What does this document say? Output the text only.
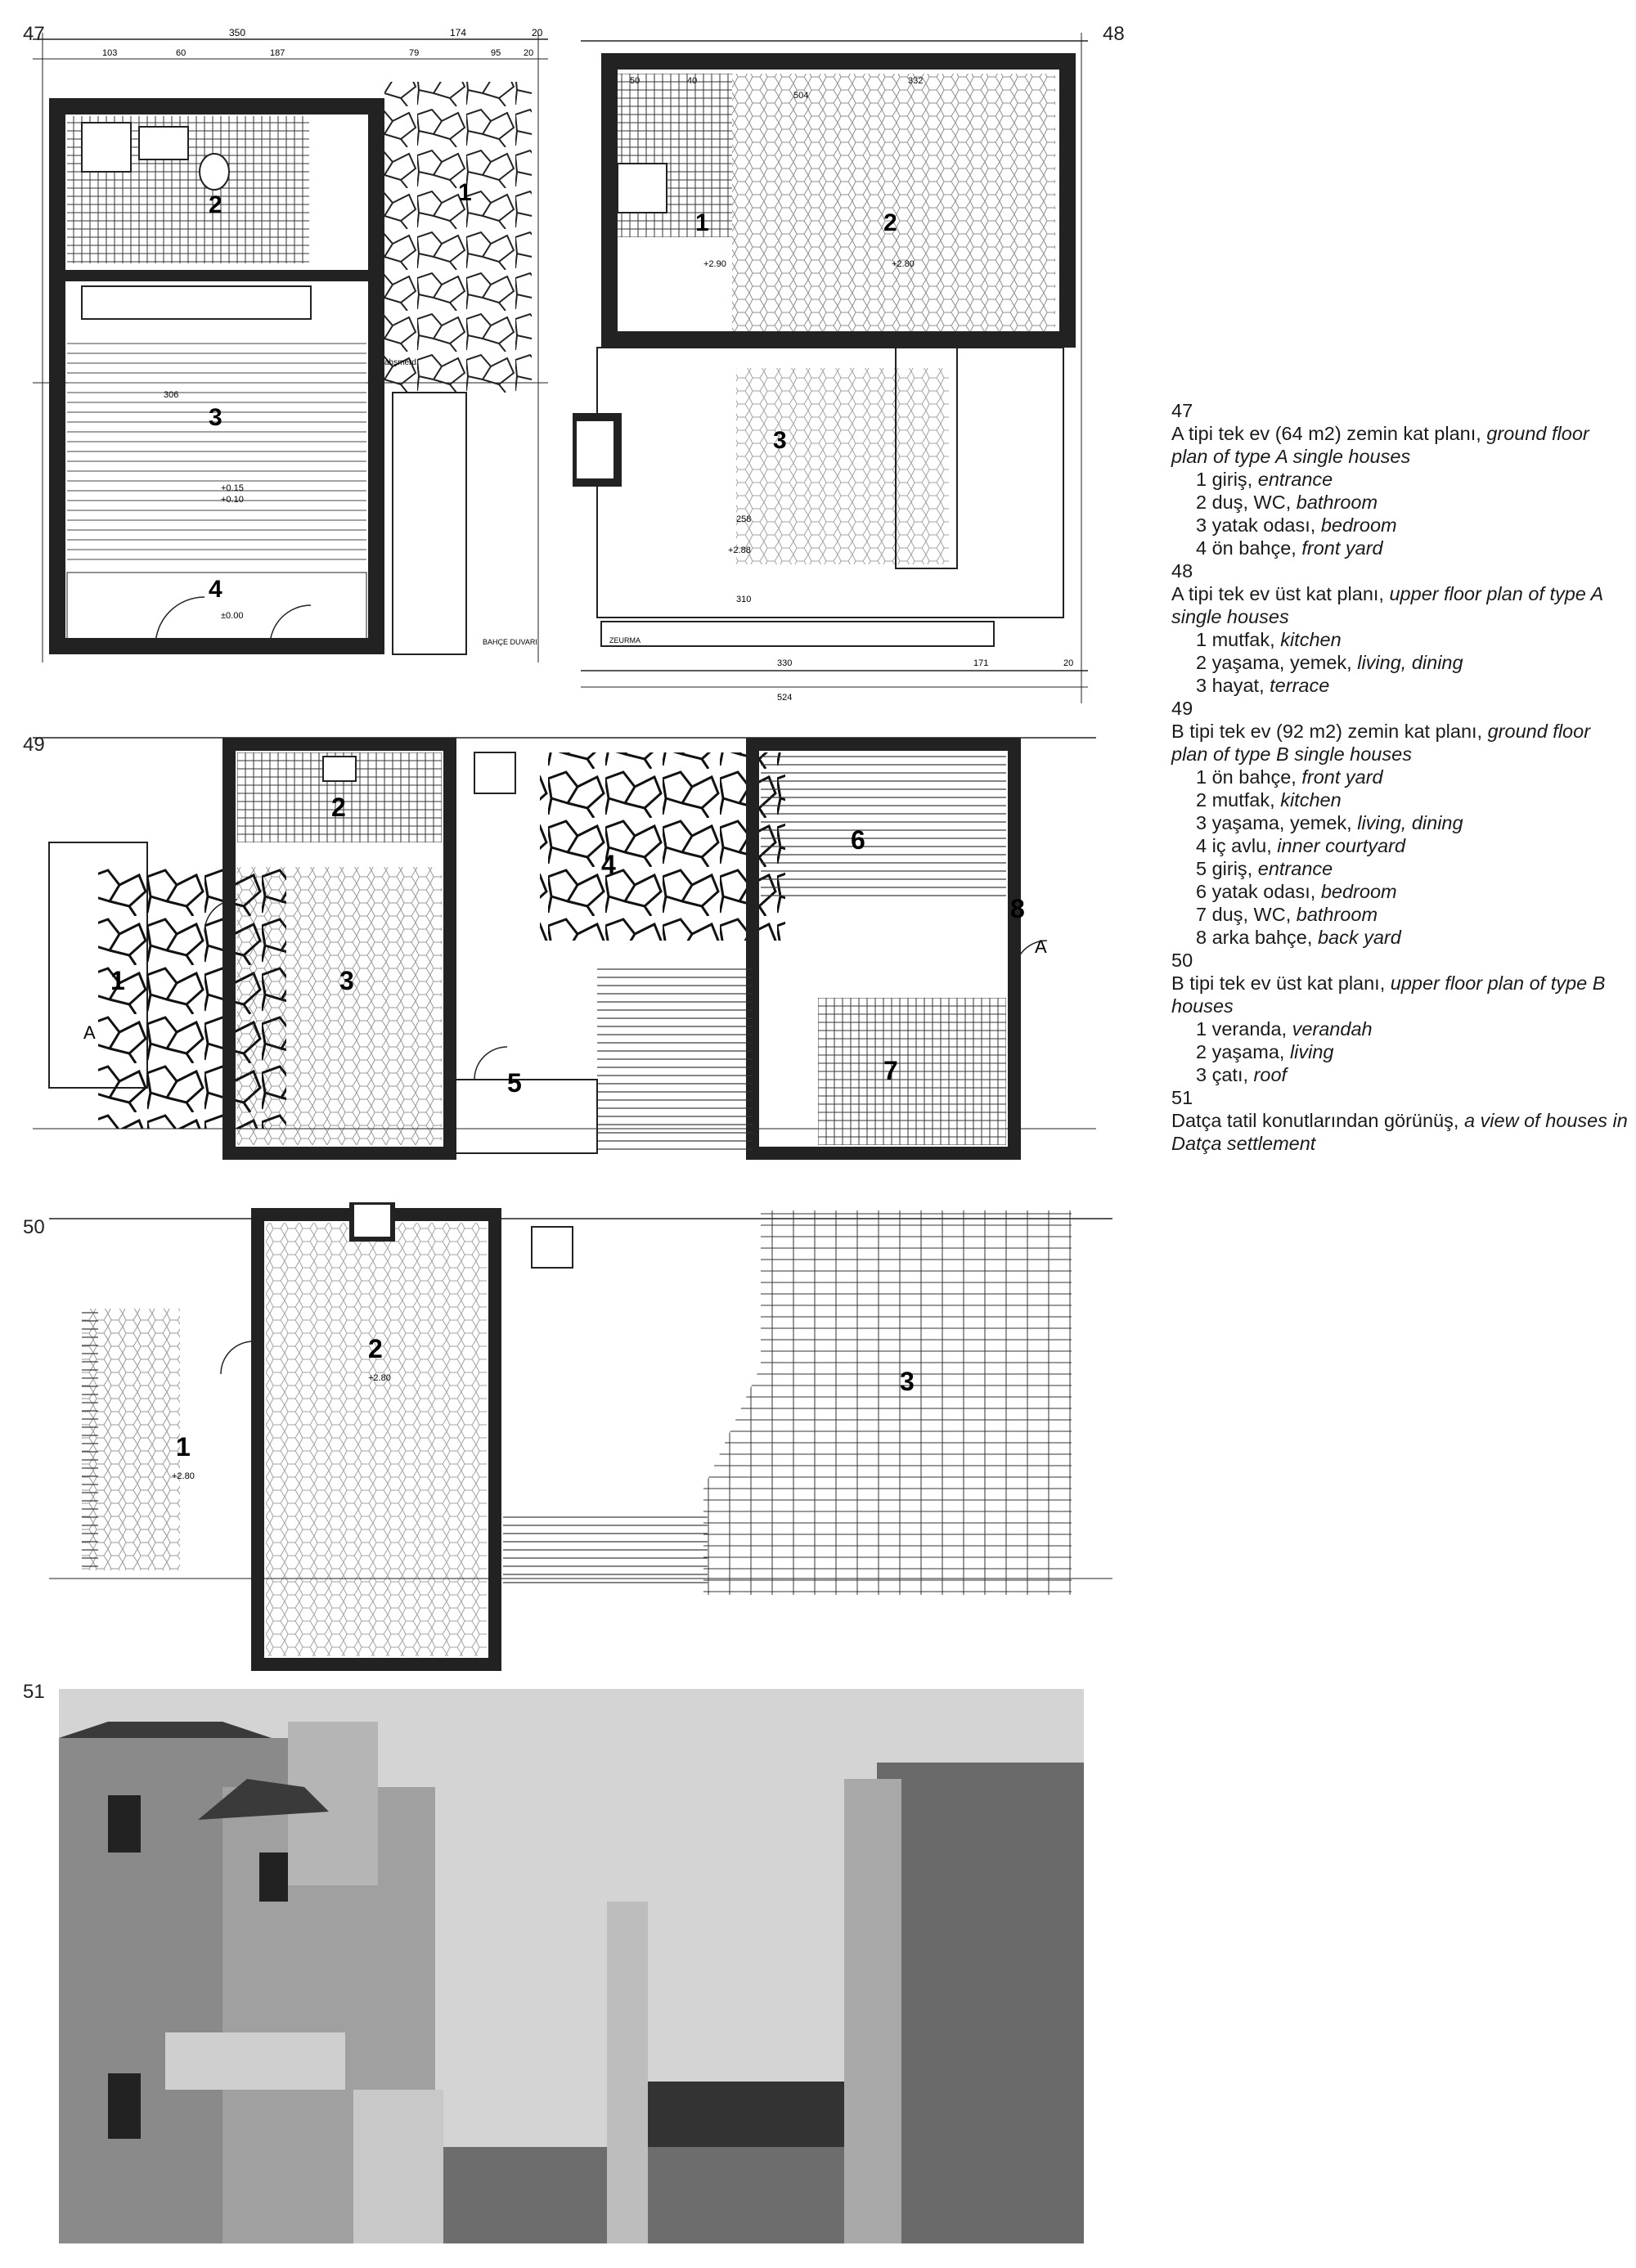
47	48
49
50
51
350	174	20
103	60	187	79	95	20
2	1
3
4
+0.15
+0.10
±0.00
ahşmerd.
BAHÇE DUVARI
306
196
330	171
524
20
1	2
3
+2.90	+2.80
+2.88
258
310
ZEURMA
1
2
3
4
5
6
7
8
A
A
1
2
3
+2.80
+2.80
47
A tipi tek ev (64 m2) zemin kat planı, ground floor plan of type A single houses
1 giriş, entrance
2 duş, WC, bathroom
3 yatak odası, bedroom
4 ön bahçe, front yard
48
A tipi tek ev üst kat planı, upper floor plan of type A single houses
1 mutfak, kitchen
2 yaşama, yemek, living, dining
3 hayat, terrace
49
B tipi tek ev (92 m2) zemin kat planı, ground floor plan of type B single houses
1 ön bahçe, front yard
2 mutfak, kitchen
3 yaşama, yemek, living, dining
4 iç avlu, inner courtyard
5 giriş, entrance
6 yatak odası, bedroom
7 duş, WC, bathroom
8 arka bahçe, back yard
50
B tipi tek ev üst kat planı, upper floor plan of type B houses
1 veranda, verandah
2 yaşama, living
3 çatı, roof
51
Datça tatil konutlarından görünüş, a view of houses in Datça settlement
